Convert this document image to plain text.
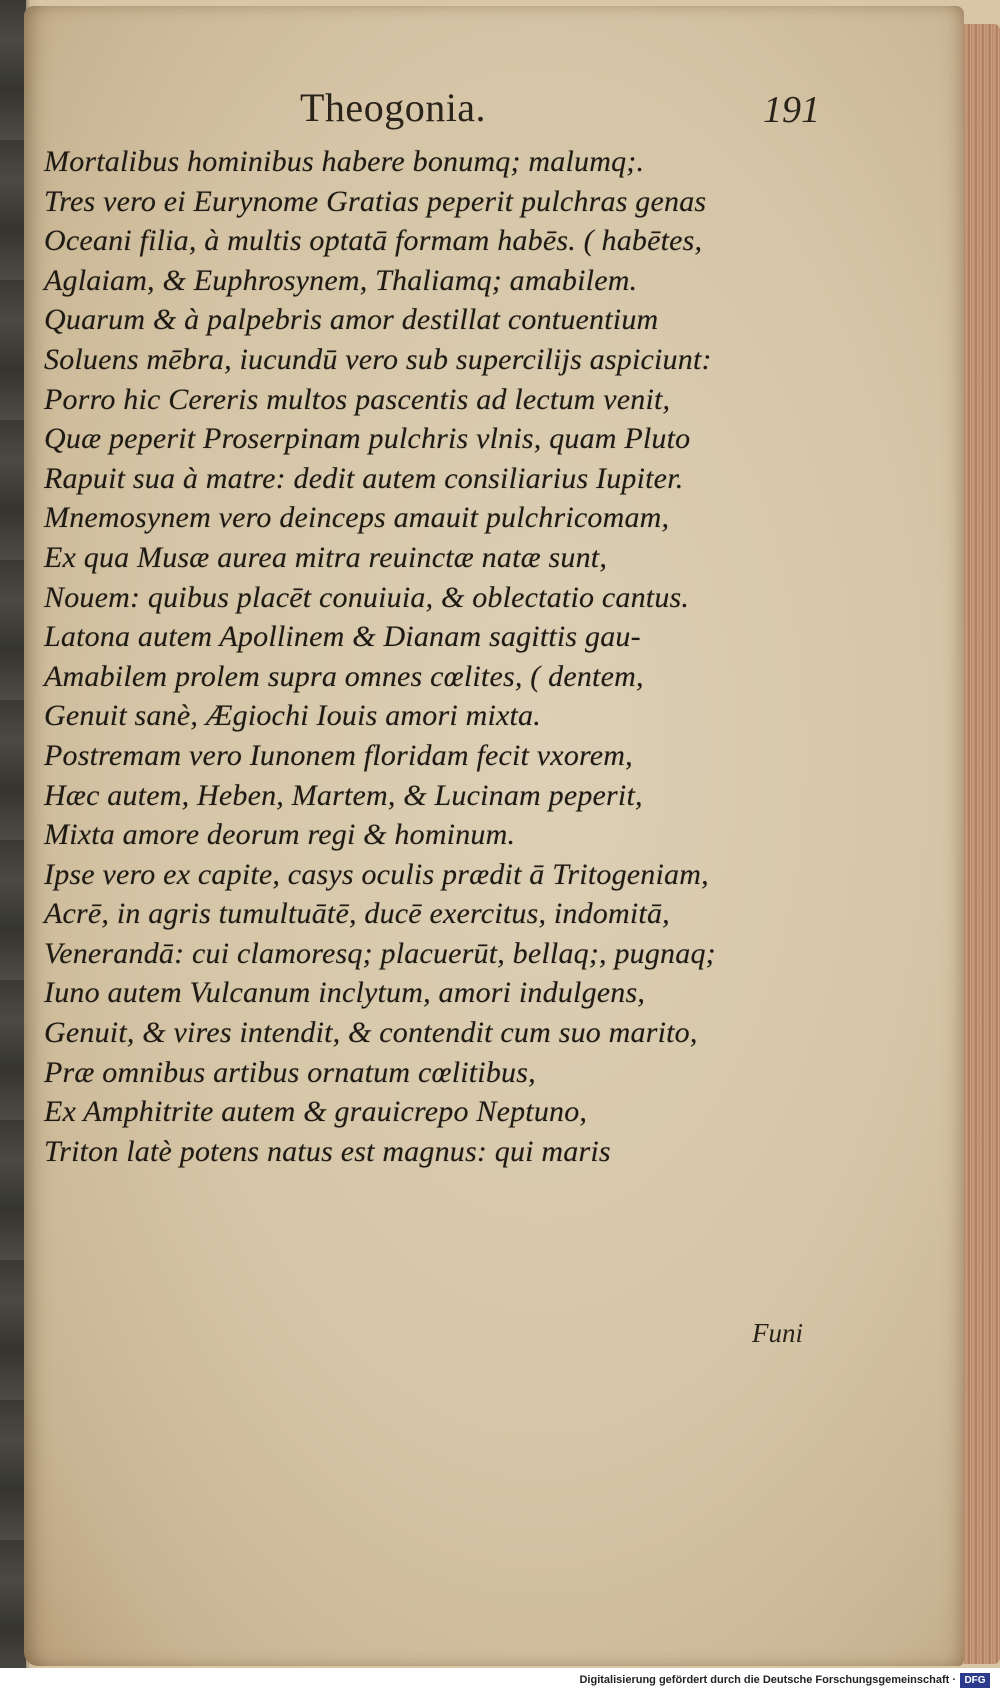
Theogonia.	191
Mortalibus hominibus habere bonumq; malumq;.
Tres vero ei Eurynome Gratias peperit pulchras genas
Oceani filia, à multis optatā formam habēs. ( habētes,
Aglaiam, & Euphrosynem, Thaliamq; amabilem.
Quarum & à palpebris amor destillat contuentium
Soluens mēbra, iucundū vero sub supercilijs aspiciunt:
Porro hic Cereris multos pascentis ad lectum venit,
Quæ peperit Proserpinam pulchris vlnis, quam Pluto
Rapuit sua à matre: dedit autem consiliarius Iupiter.
Mnemosynem vero deinceps amauit pulchricomam,
Ex qua Musæ aurea mitra reuinctæ natæ sunt,
Nouem: quibus placēt conuiuia, & oblectatio cantus.
Latona autem Apollinem & Dianam sagittis gau-
Amabilem prolem supra omnes cœlites, ( dentem,
Genuit sanè, Ægiochi Iouis amori mixta.
Postremam vero Iunonem floridam fecit vxorem,
Hæc autem, Heben, Martem, & Lucinam peperit,
Mixta amore deorum regi & hominum.
Ipse vero ex capite, casys oculis prædit ā Tritogeniam,
Acrē, in agris tumultuātē, ducē exercitus, indomitā,
Venerandā: cui clamoresq; placuerūt, bellaq;, pugnaq;
Iuno autem Vulcanum inclytum, amori indulgens,
Genuit, & vires intendit, & contendit cum suo marito,
Præ omnibus artibus ornatum cœlitibus,
Ex Amphitrite autem & grauicrepo Neptuno,
Triton latè potens natus est magnus: qui maris
Funi
Digitalisierung gefördert durch die Deutsche Forschungsgemeinschaft · DFG
